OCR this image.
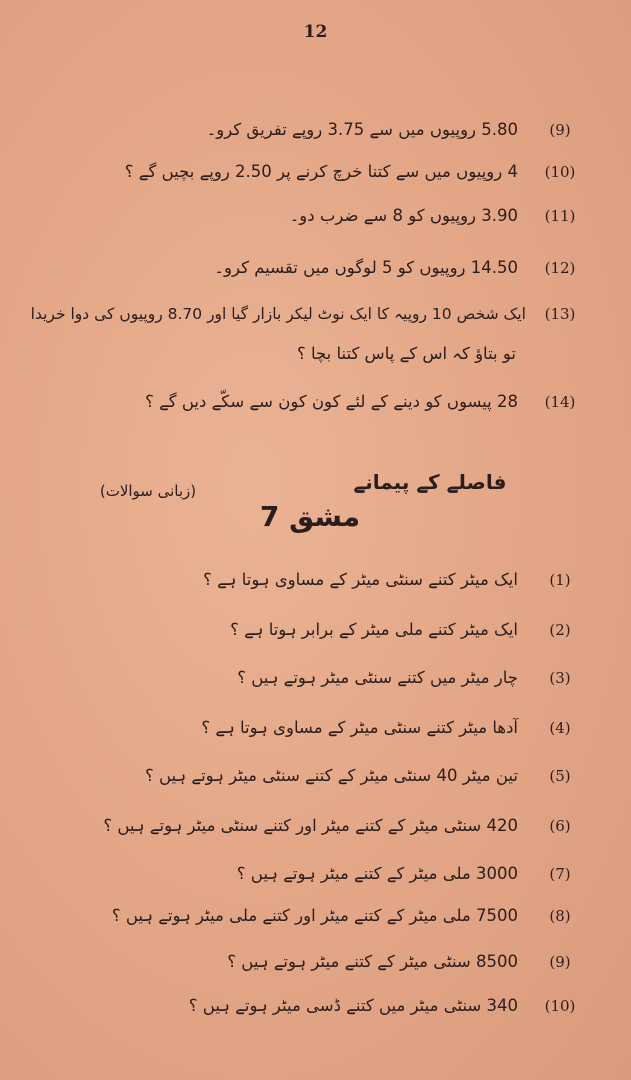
12
(9)5.80 روپیوں میں سے 3.75 روپے تفریق کرو۔
(10)4 روپیوں میں سے کتنا خرچ کرنے پر 2.50 روپے بچیں گے ؟
(11)3.90 روپیوں کو 8 سے ضرب دو۔
(12)14.50 روپیوں کو 5 لوگوں میں تقسیم کرو۔
(13)ایک شخص 10 روپیہ کا ایک نوٹ لیکر بازار گیا اور 8.70 روپیوں کی دوا خریدا
تو بتاؤ کہ اس کے پاس کتنا بچا ؟
(14)28 پیسوں کو دینے کے لئے کون کون سے سکّے دیں گے ؟
فاصلے کے پیمانے
مشق 7
(زبانی سوالات)
(1)ایک میٹر کتنے سنٹی میٹر کے مساوی ہوتا ہے ؟
(2)ایک میٹر کتنے ملی میٹر کے برابر ہوتا ہے ؟
(3)چار میٹر میں کتنے سنٹی میٹر ہوتے ہیں ؟
(4)آدھا میٹر کتنے سنٹی میٹر کے مساوی ہوتا ہے ؟
(5)تین میٹر 40 سنٹی میٹر کے کتنے سنٹی میٹر ہوتے ہیں ؟
(6)420 سنٹی میٹر کے کتنے میٹر اور کتنے سنٹی میٹر ہوتے ہیں ؟
(7)3000 ملی میٹر کے کتنے میٹر ہوتے ہیں ؟
(8)7500 ملی میٹر کے کتنے میٹر اور کتنے ملی میٹر ہوتے ہیں ؟
(9)8500 سنٹی میٹر کے کتنے میٹر ہوتے ہیں ؟
(10)340 سنٹی میٹر میں کتنے ڈسی میٹر ہوتے ہیں ؟
